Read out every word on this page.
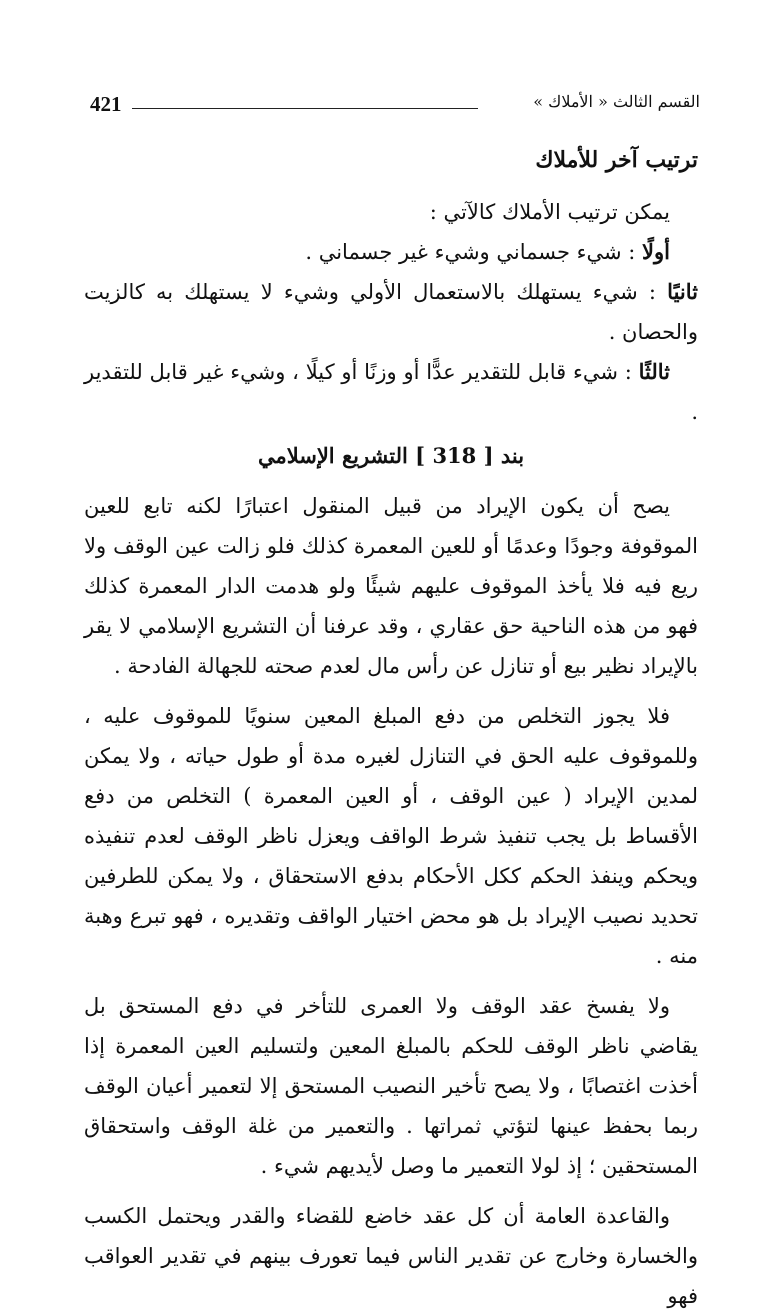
421	القسم الثالث « الأملاك »
ترتيب آخر للأملاك

يمكن ترتيب الأملاك كالآتي :

أولًا : شيء جسماني وشيء غير جسماني .

ثانيًا : شيء يستهلك بالاستعمال الأولي وشيء لا يستهلك به كالزيت والحصان .

ثالثًا : شيء قابل للتقدير عدًّا أو وزنًا أو كيلًا ، وشيء غير قابل للتقدير .

بند [ 318 ] التشريع الإسلامي

يصح أن يكون الإيراد من قبيل المنقول اعتبارًا لكنه تابع للعين الموقوفة وجودًا وعدمًا أو للعين المعمرة كذلك فلو زالت عين الوقف ولا ريع فيه فلا يأخذ الموقوف عليهم شيئًا ولو هدمت الدار المعمرة كذلك فهو من هذه الناحية حق عقاري ، وقد عرفنا أن التشريع الإسلامي لا يقر بالإيراد نظير بيع أو تنازل عن رأس مال لعدم صحته للجهالة الفادحة .

فلا يجوز التخلص من دفع المبلغ المعين سنويًا للموقوف عليه ، وللموقوف عليه الحق في التنازل لغيره مدة أو طول حياته ، ولا يمكن لمدين الإيراد ( عين الوقف ، أو العين المعمرة ) التخلص من دفع الأقساط بل يجب تنفيذ شرط الواقف ويعزل ناظر الوقف لعدم تنفيذه ويحكم وينفذ الحكم ككل الأحكام بدفع الاستحقاق ، ولا يمكن للطرفين تحديد نصيب الإيراد بل هو محض اختيار الواقف وتقديره ، فهو تبرع وهبة منه .

ولا يفسخ عقد الوقف ولا العمرى للتأخر في دفع المستحق بل يقاضي ناظر الوقف للحكم بالمبلغ المعين ولتسليم العين المعمرة إذا أخذت اغتصابًا ، ولا يصح تأخير النصيب المستحق إلا لتعمير أعيان الوقف ربما بحفظ عينها لتؤتي ثمراتها . والتعمير من غلة الوقف واستحقاق المستحقين ؛ إذ لولا التعمير ما وصل لأيديهم شيء .

والقاعدة العامة أن كل عقد خاضع للقضاء والقدر ويحتمل الكسب والخسارة وخارج عن تقدير الناس فيما تعورف بينهم في تقدير العواقب فهو
